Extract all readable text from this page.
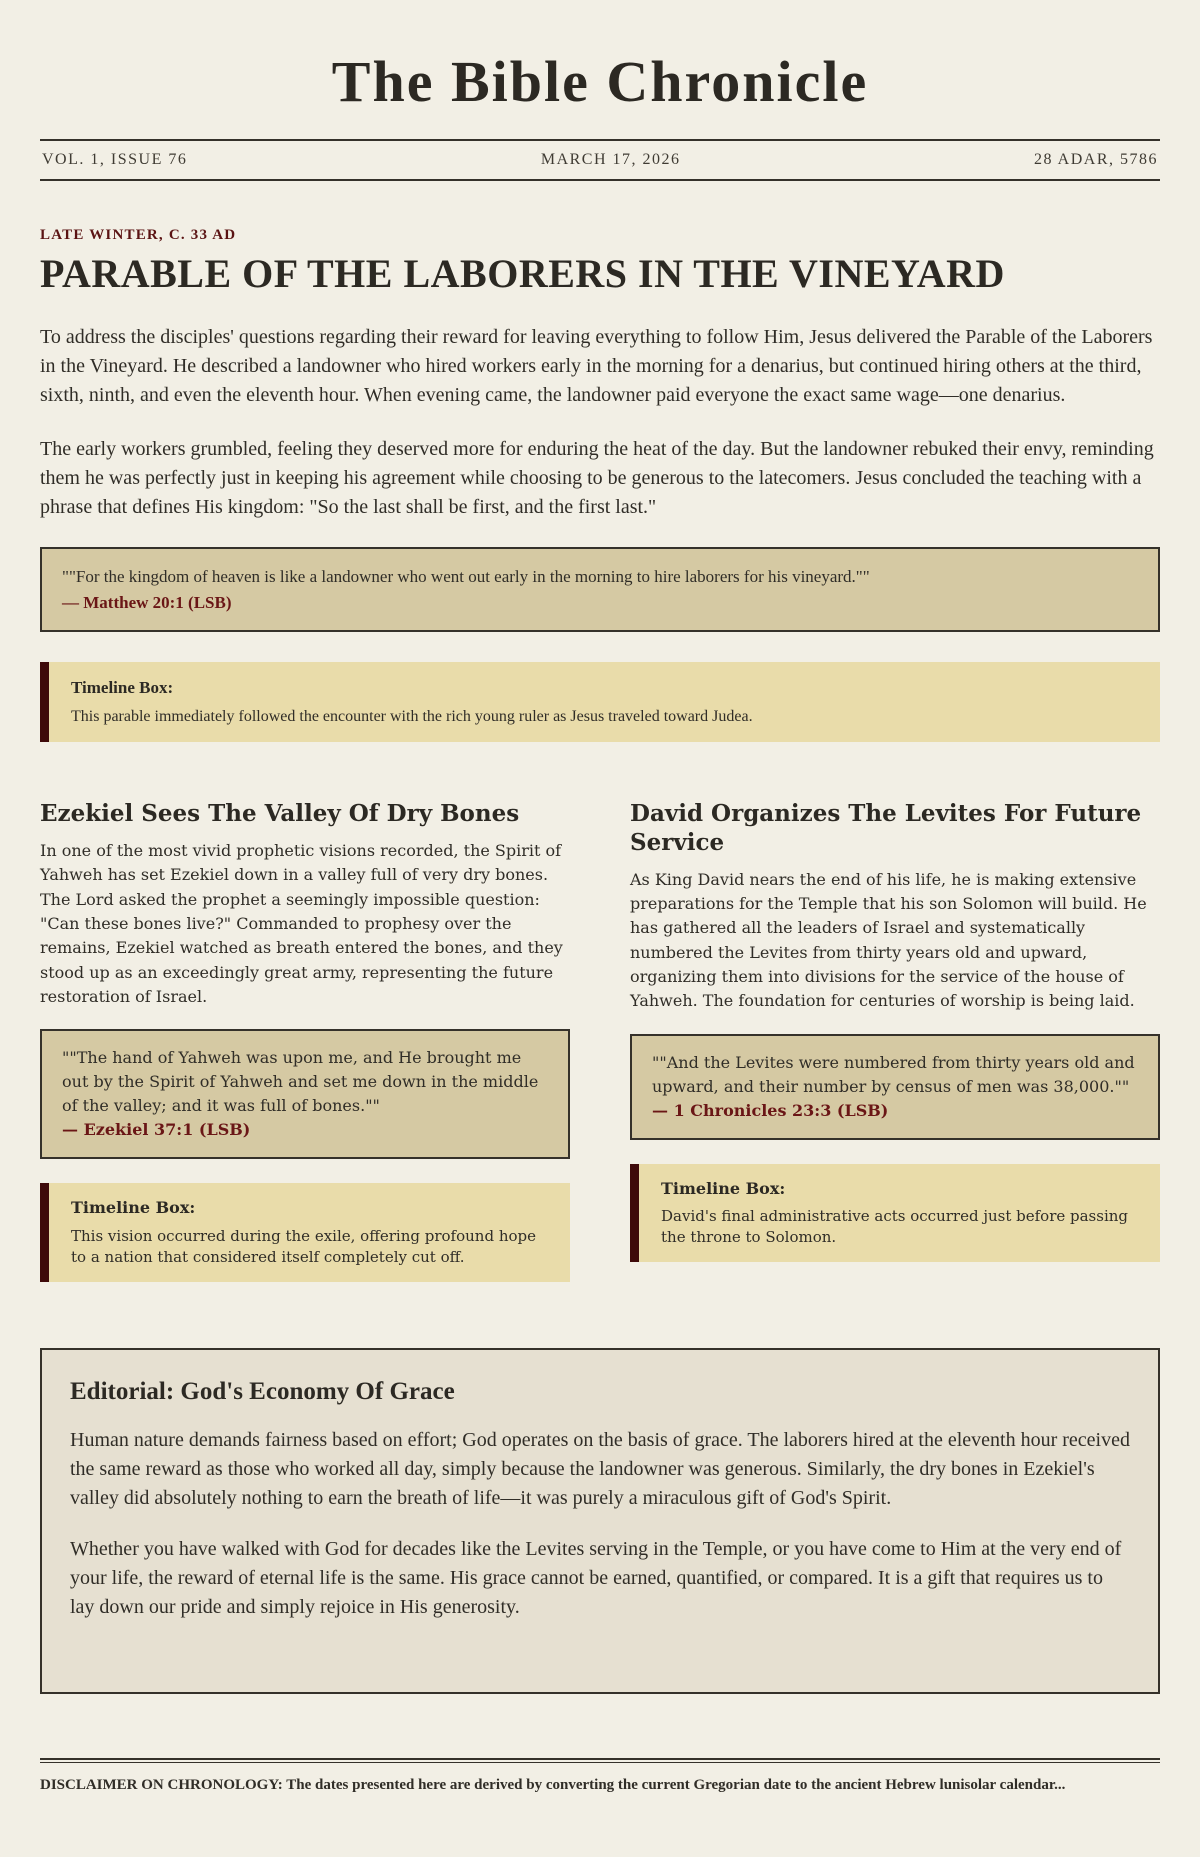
The Bible Chronicle
VOL. 1, ISSUE 76	MARCH 17, 2026	28 ADAR, 5786
LATE WINTER, C. 33 AD
PARABLE OF THE LABORERS IN THE VINEYARD

To address the disciples' questions regarding their reward for leaving everything to follow Him, Jesus delivered the Parable of the Laborers in the Vineyard. He described a landowner who hired workers early in the morning for a denarius, but continued hiring others at the third, sixth, ninth, and even the eleventh hour. When evening came, the landowner paid everyone the exact same wage—one denarius.

The early workers grumbled, feeling they deserved more for enduring the heat of the day. But the landowner rebuked their envy, reminding them he was perfectly just in keeping his agreement while choosing to be generous to the latecomers. Jesus concluded the teaching with a phrase that defines His kingdom: "So the last shall be first, and the first last."

""For the kingdom of heaven is like a landowner who went out early in the morning to hire laborers for his vineyard.""
— Matthew 20:1 (LSB)
Timeline Box:
This parable immediately followed the encounter with the rich young ruler as Jesus traveled toward Judea.
Ezekiel Sees The Valley Of Dry Bones

In one of the most vivid prophetic visions recorded, the Spirit of Yahweh has set Ezekiel down in a valley full of very dry bones. The Lord asked the prophet a seemingly impossible question: "Can these bones live?" Commanded to prophesy over the remains, Ezekiel watched as breath entered the bones, and they stood up as an exceedingly great army, representing the future restoration of Israel.

""The hand of Yahweh was upon me, and He brought me out by the Spirit of Yahweh and set me down in the middle of the valley; and it was full of bones.""
— Ezekiel 37:1 (LSB)
Timeline Box:
This vision occurred during the exile, offering profound hope to a nation that considered itself completely cut off.
David Organizes The Levites For Future Service

As King David nears the end of his life, he is making extensive preparations for the Temple that his son Solomon will build. He has gathered all the leaders of Israel and systematically numbered the Levites from thirty years old and upward, organizing them into divisions for the service of the house of Yahweh. The foundation for centuries of worship is being laid.

""And the Levites were numbered from thirty years old and upward, and their number by census of men was 38,000.""
— 1 Chronicles 23:3 (LSB)
Timeline Box:
David's final administrative acts occurred just before passing the throne to Solomon.
Editorial: God's Economy Of Grace

Human nature demands fairness based on effort; God operates on the basis of grace. The laborers hired at the eleventh hour received the same reward as those who worked all day, simply because the landowner was generous. Similarly, the dry bones in Ezekiel's valley did absolutely nothing to earn the breath of life—it was purely a miraculous gift of God's Spirit.

Whether you have walked with God for decades like the Levites serving in the Temple, or you have come to Him at the very end of your life, the reward of eternal life is the same. His grace cannot be earned, quantified, or compared. It is a gift that requires us to lay down our pride and simply rejoice in His generosity.

DISCLAIMER ON CHRONOLOGY: The dates presented here are derived by converting the current Gregorian date to the ancient Hebrew lunisolar calendar...
